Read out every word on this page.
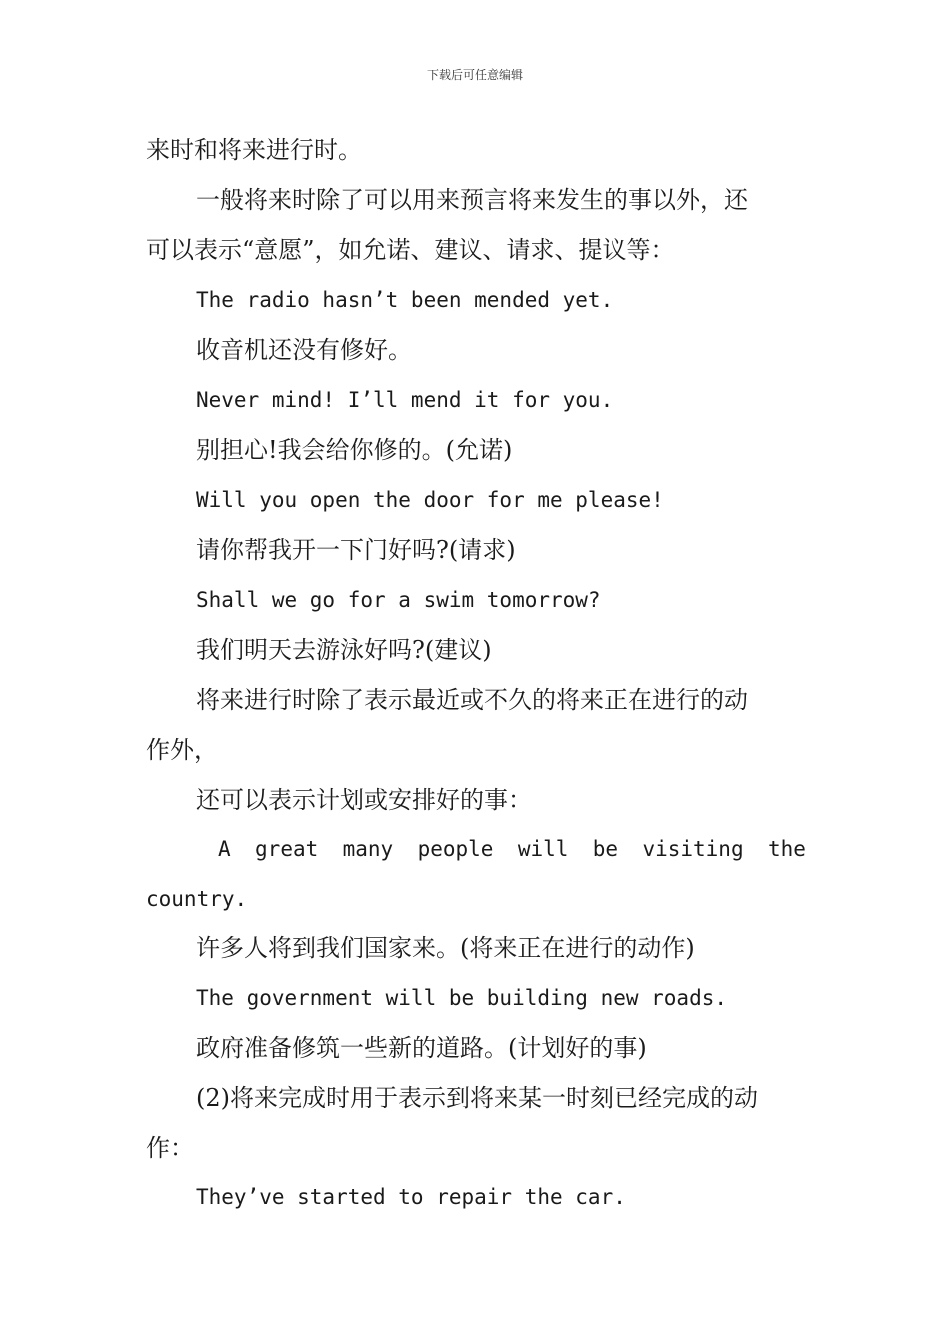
下载后可任意编辑
来时和将来进行时。
一般将来时除了可以用来预言将来发生的事以外，还
可以表示“意愿”，如允诺、建议、请求、提议等：
The radio hasn’t been mended yet.
收音机还没有修好。
Never mind! I’ll mend it for you.
别担心!我会给你修的。(允诺)
Will you open the door for me please!
请你帮我开一下门好吗?(请求)
Shall we go for a swim tomorrow?
我们明天去游泳好吗?(建议)
将来进行时除了表示最近或不久的将来正在进行的动
作外，
还可以表示计划或安排好的事：
A great many people will be visiting the
country.
许多人将到我们国家来。(将来正在进行的动作)
The government will be building new roads.
政府准备修筑一些新的道路。(计划好的事)
(2)将来完成时用于表示到将来某一时刻已经完成的动
作：
They’ve started to repair the car.
